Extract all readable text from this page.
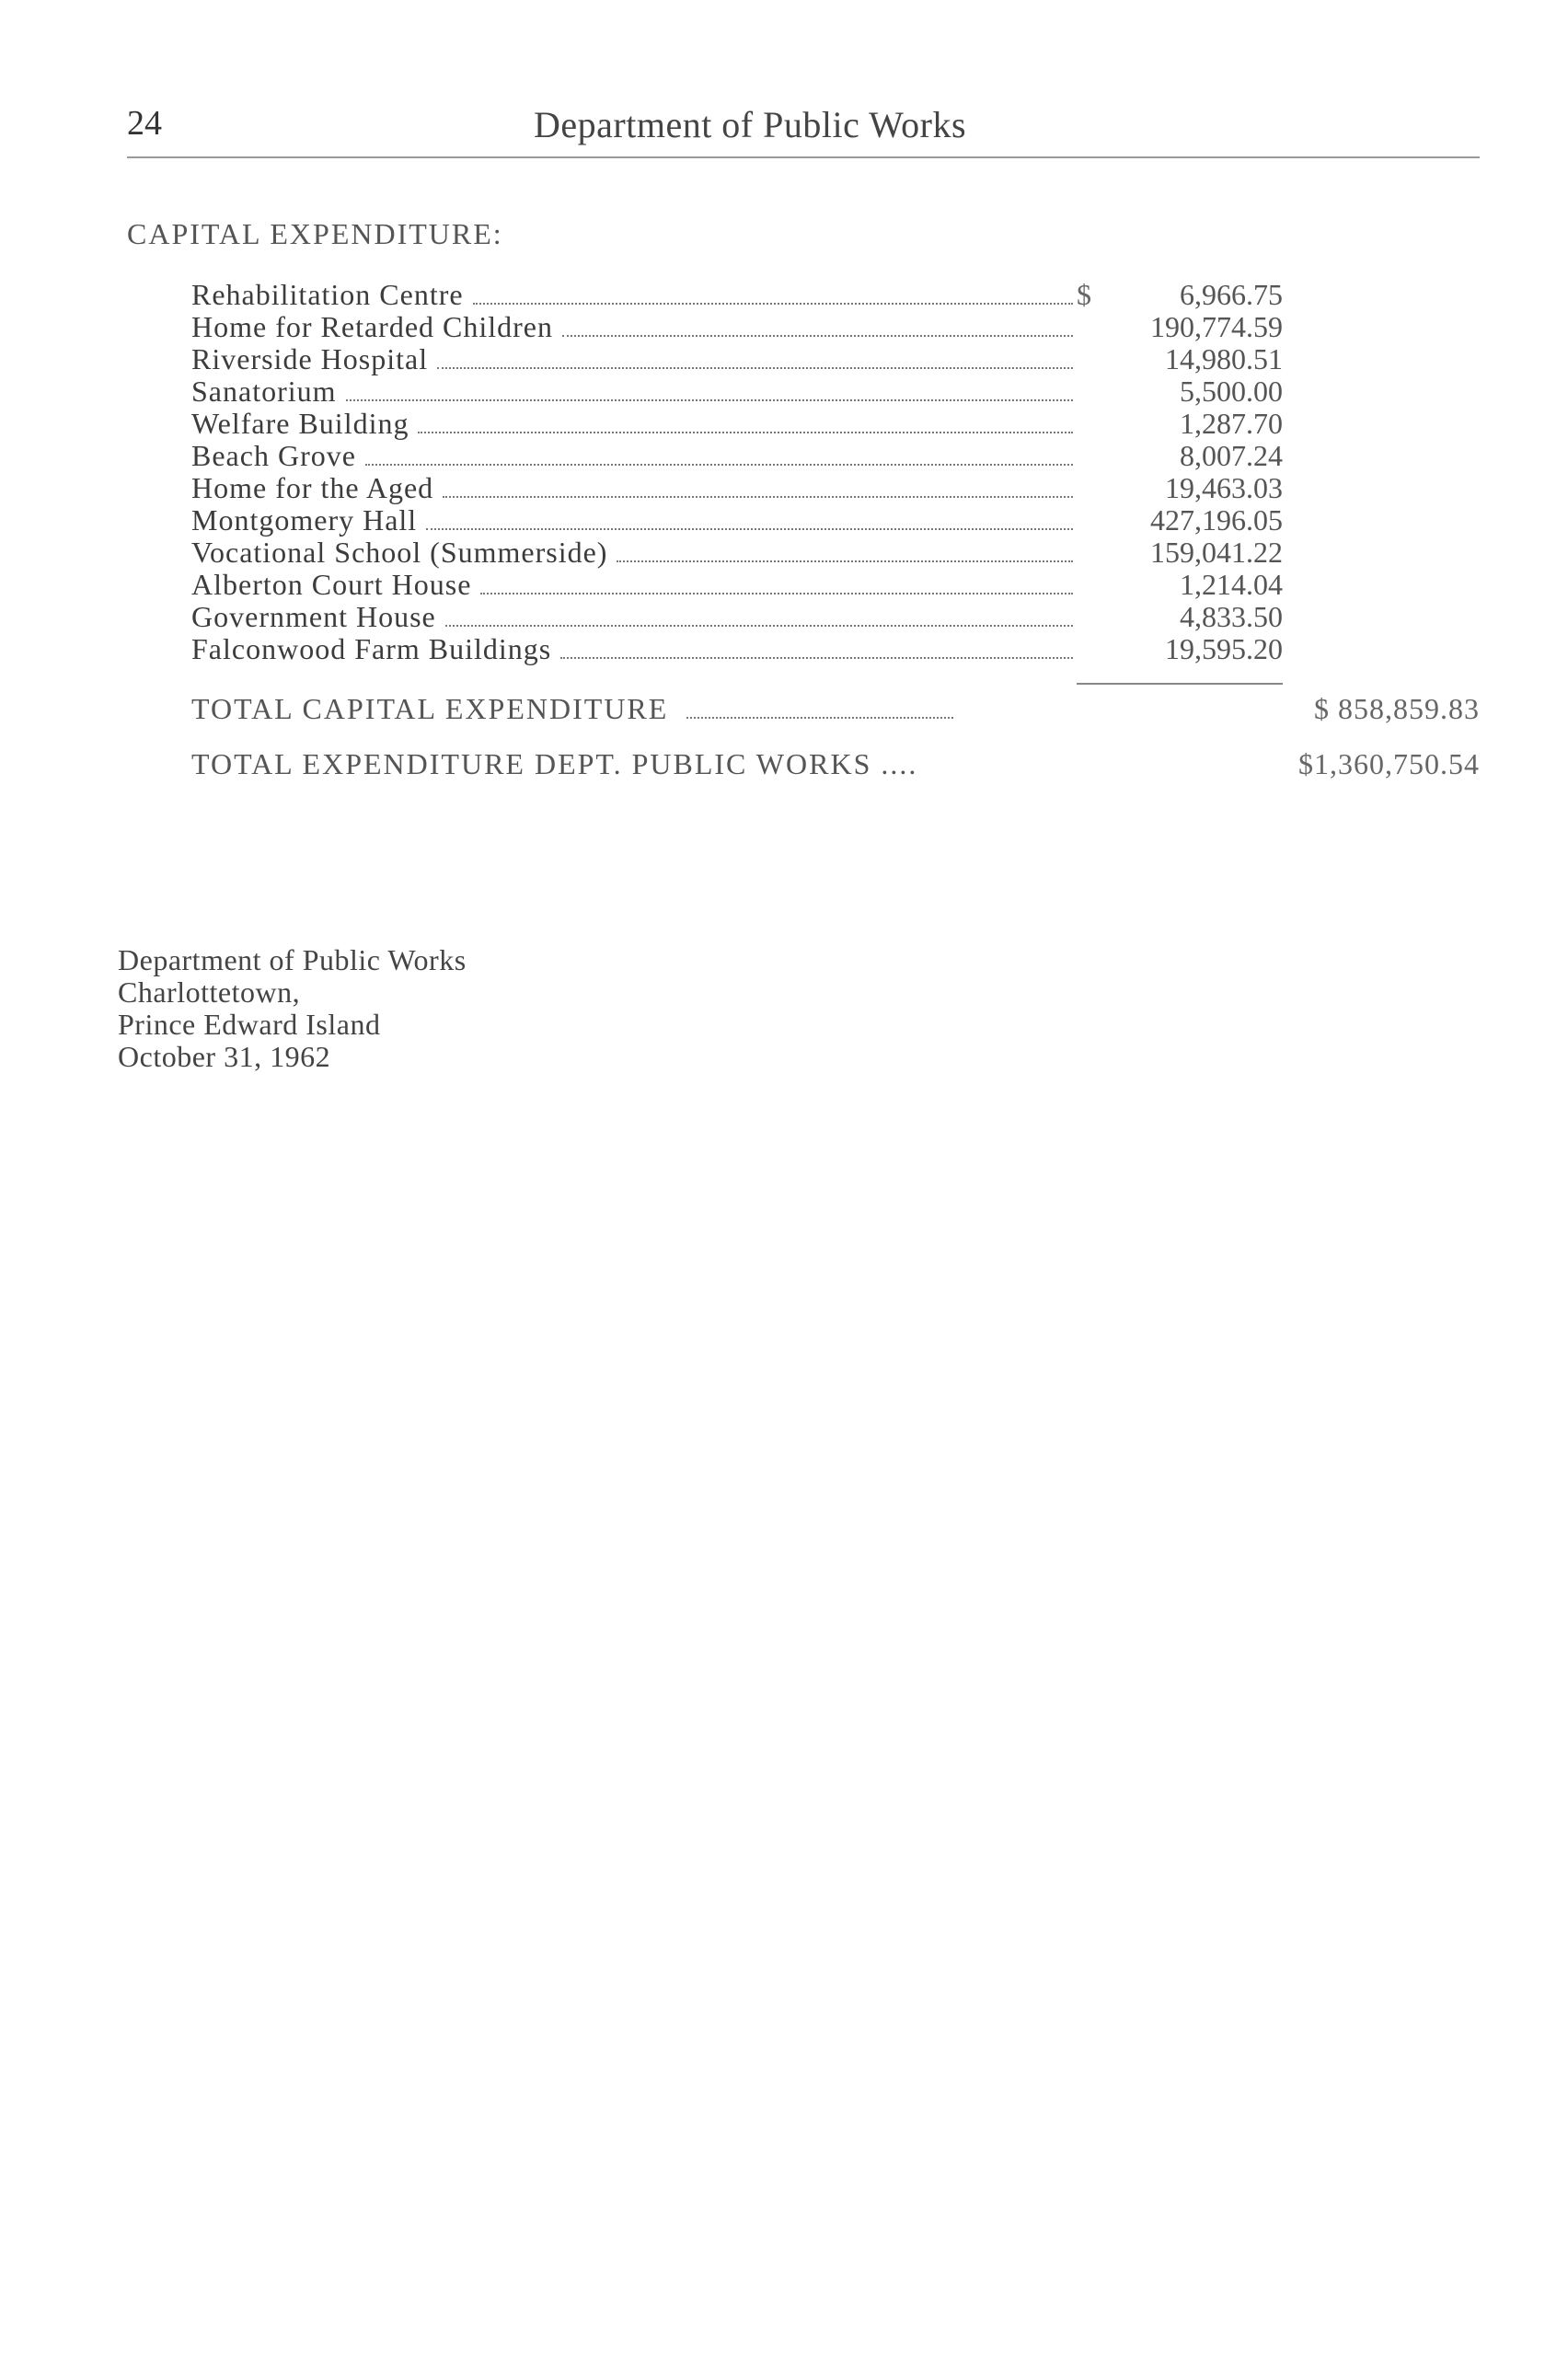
24	Department of Public Works
CAPITAL EXPENDITURE:
Rehabilitation Centre	$	6,966.75
Home for Retarded Children	190,774.59
Riverside Hospital	14,980.51
Sanatorium	5,500.00
Welfare Building	1,287.70
Beach Grove	8,007.24
Home for the Aged	19,463.03
Montgomery Hall	427,196.05
Vocational School (Summerside)	159,041.22
Alberton Court House	1,214.04
Government House	4,833.50
Falconwood Farm Buildings	19,595.20
TOTAL CAPITAL EXPENDITURE	$ 858,859.83
TOTAL EXPENDITURE DEPT. PUBLIC WORKS ....	$1,360,750.54
Department of Public Works
Charlottetown,
Prince Edward Island
October 31, 1962
